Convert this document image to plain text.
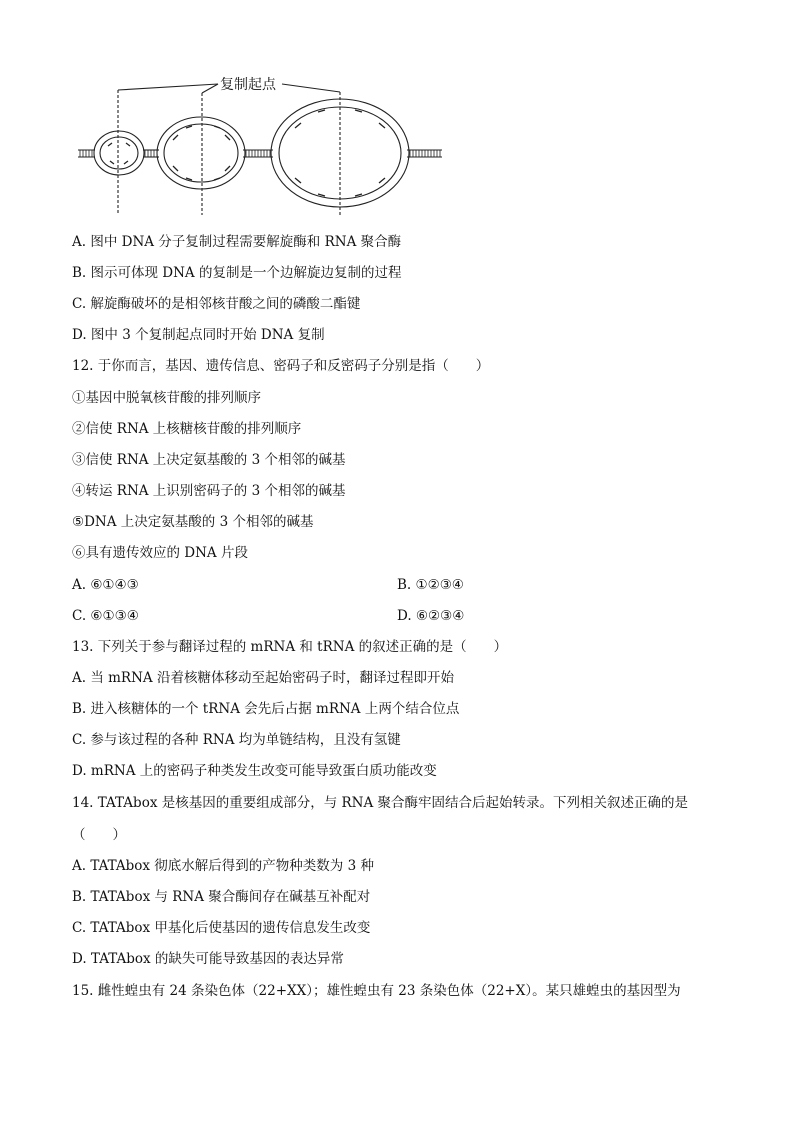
复制起点
A. 图中 DNA 分子复制过程需要解旋酶和 RNA 聚合酶
B. 图示可体现 DNA 的复制是一个边解旋边复制的过程
C. 解旋酶破坏的是相邻核苷酸之间的磷酸二酯键
D. 图中 3 个复制起点同时开始 DNA 复制
12. 于你而言，基因、遗传信息、密码子和反密码子分别是指（　　）
①基因中脱氧核苷酸的排列顺序
②信使 RNA 上核糖核苷酸的排列顺序
③信使 RNA 上决定氨基酸的 3 个相邻的碱基
④转运 RNA 上识别密码子的 3 个相邻的碱基
⑤DNA 上决定氨基酸的 3 个相邻的碱基
⑥具有遗传效应的 DNA 片段
A. ⑥①④③	B. ①②③④
C. ⑥①③④	D. ⑥②③④
13. 下列关于参与翻译过程的 mRNA 和 tRNA 的叙述正确的是（　　）
A. 当 mRNA 沿着核糖体移动至起始密码子时，翻译过程即开始
B. 进入核糖体的一个 tRNA 会先后占据 mRNA 上两个结合位点
C. 参与该过程的各种 RNA 均为单链结构，且没有氢键
D. mRNA 上的密码子种类发生改变可能导致蛋白质功能改变
14. TATAbox 是核基因的重要组成部分，与 RNA 聚合酶牢固结合后起始转录。下列相关叙述正确的是
（　　）
A. TATAbox 彻底水解后得到的产物种类数为 3 种
B. TATAbox 与 RNA 聚合酶间存在碱基互补配对
C. TATAbox 甲基化后使基因的遗传信息发生改变
D. TATAbox 的缺失可能导致基因的表达异常
15. 雌性蝗虫有 24 条染色体（22+XX）；雄性蝗虫有 23 条染色体（22+X）。某只雄蝗虫的基因型为
